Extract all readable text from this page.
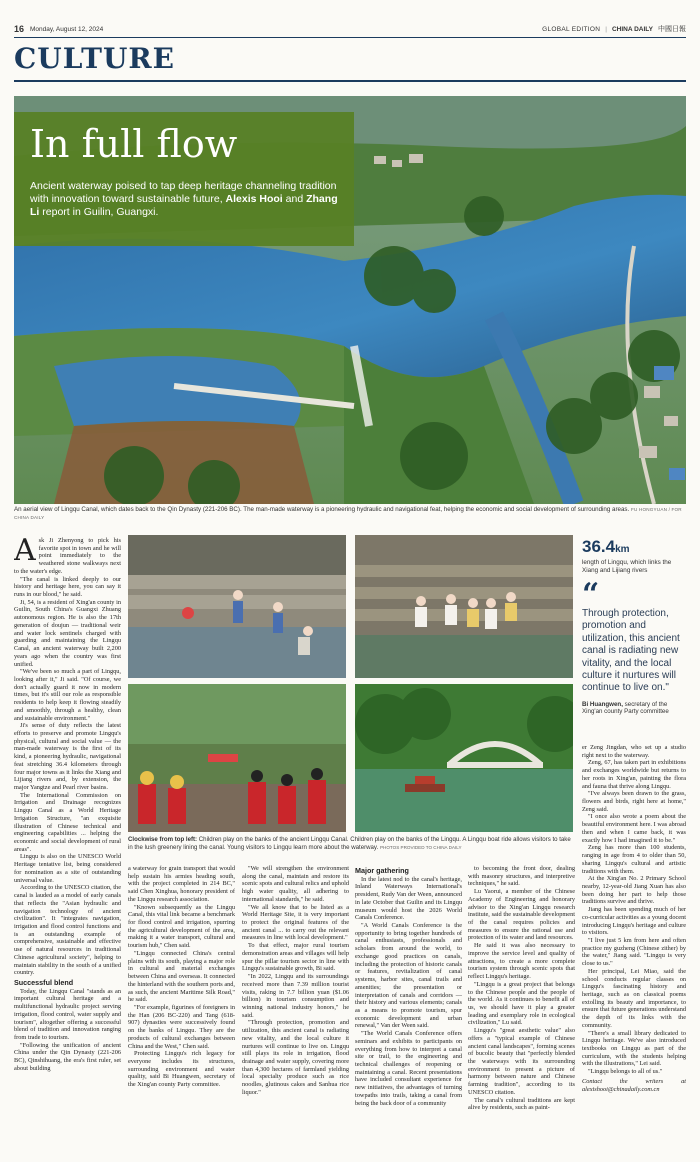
16 Monday, August 12, 2024	GLOBAL EDITION | CHINA DAILY 中國日報
CULTURE
In full flow
Ancient waterway poised to tap deep heritage channeling tradition with innovation toward sustainable future, Alexis Hooi and Zhang Li report in Guilin, Guangxi.
An aerial view of Lingqu Canal, which dates back to the Qin Dynasty (221-206 BC). The man-made waterway is a pioneering hydraulic and navigational feat, helping the economic and social development of surrounding areas. FU HONGYUAN / FOR CHINA DAILY
A sk Ji Zhenyong to pick his favorite spot in town and he will point immediately to the weathered stone walkways next to the water's edge.

"The canal is linked deeply to our history and heritage here, you can say it runs in our blood," he said.

Ji, 54, is a resident of Xing'an county in Guilin, South China's Guangxi Zhuang autonomous region. He is also the 17th generation of doujun — traditional weir and water lock sentinels charged with guarding and maintaining the Lingqu Canal, an ancient waterway built 2,200 years ago when the country was first unified.

"We've been so much a part of Lingqu, looking after it," Ji said. "Of course, we don't actually guard it now in modern times, but it's still our role as responsible residents to help keep it flowing steadily and smoothly, through a healthy, clean and sustainable environment."

Ji's sense of duty reflects the latest efforts to preserve and promote Lingqu's physical, cultural and social value — the man-made waterway is the first of its kind, a pioneering hydraulic, navigational feat stretching 36.4 kilometers through four major towns as it links the Xiang and Lijiang rivers and, by extension, the major Yangtze and Pearl river basins.

The International Commission on Irrigation and Drainage recognizes Lingqu Canal as a World Heritage Irrigation Structure, "an exquisite illustration of Chinese technical and engineering capabilities ... helping the economic and social development of rural areas".

Lingqu is also on the UNESCO World Heritage tentative list, being considered for nomination as a site of outstanding universal value.

According to the UNESCO citation, the canal is lauded as a model of early canals that reflects the "Asian hydraulic and navigation technology of ancient civilization". It "integrates navigation, irrigation and flood control functions and is an outstanding example of comprehensive, sustainable and effective use of natural resources in traditional Chinese agricultural society", helping to maintain stability in the south of a unified country.

Successful blend

Today, the Lingqu Canal "stands as an important cultural heritage and a multifunctional hydraulic project serving irrigation, flood control, water supply and tourism", altogether offering a successful blend of tradition and innovation ranging from trade to tourism.

"Following the unification of ancient China under the Qin Dynasty (221-206 BC), Qinshihuang, the era's first ruler, set about building

Clockwise from top left: Children play on the banks of the ancient Lingqu Canal. Children play on the banks of the Lingqu. A Lingqu boat ride allows visitors to take in the lush greenery lining the canal. Young visitors to Lingqu learn more about the waterway. PHOTOS PROVIDED TO CHINA DAILY

a waterway for grain transport that would help sustain his armies heading south, with the project completed in 214 BC," said Chen Xinghua, honorary president of the Lingqu research association.

"Known subsequently as the Lingqu Canal, this vital link became a benchmark for flood control and irrigation, spurring the agricultural development of the area, making it a water transport, cultural and tourism hub," Chen said.

"Lingqu connected China's central plains with its south, playing a major role in cultural and material exchanges between China and overseas. It connected the hinterland with the southern ports and, as such, the ancient Maritime Silk Road," he said.

"For example, figurines of foreigners in the Han (206 BC-220) and Tang (618-907) dynasties were successively found on the banks of Lingqu. They are the products of cultural exchanges between China and the West," Chen said.

Protecting Lingqu's rich legacy for everyone includes its structures, surrounding environment and water quality, said Bi Huangwen, secretary of the Xing'an county Party committee.

"We will strengthen the environment along the canal, maintain and restore its scenic spots and cultural relics and uphold high water quality, all adhering to international standards," he said.

"We all know that to be listed as a World Heritage Site, it is very important to protect the original features of the ancient canal ... to carry out the relevant measures in line with local development."

To that effect, major rural tourism demonstration areas and villages will help spur the pillar tourism sector in line with Lingqu's sustainable growth, Bi said.

"In 2022, Lingqu and its surroundings received more than 7.39 million tourist visits, raking in 7.7 billion yuan ($1.06 billion) in tourism consumption and winning national industry honors," he said.

"Through protection, promotion and utilization, this ancient canal is radiating new vitality, and the local culture it nurtures will continue to live on. Lingqu still plays its role in irrigation, flood drainage and water supply, covering more than 4,300 hectares of farmland yielding local specialty produce such as rice noodles, glutinous cakes and Sanhua rice liquor."

Major gathering

In the latest nod to the canal's heritage, Inland Waterways International's president, Rudy Van der Ween, announced in late October that Guilin and its Lingqu museum would host the 2026 World Canals Conference.

"A World Canals Conference is the opportunity to bring together hundreds of canal enthusiasts, professionals and scholars from around the world, to exchange good practices on canals, including the protection of historic canals or features, revitalization of canal systems, harbor sites, canal trails and amenities; the presentation or interpretation of canals and corridors — their history and various elements; canals as a means to promote tourism, spur economic development and urban renewal," Van der Ween said.

"The World Canals Conference offers seminars and exhibits to participants on everything from how to interpret a canal site or trail, to the engineering and technical challenges of reopening or maintaining a canal. Recent presentations have included consultant experience for new initiatives, the advantages of turning towpaths into trails, taking a canal from being the back door of a community

to becoming the front door, dealing with masonry structures, and interpretive techniques," he said.

Lu Yaorui, a member of the Chinese Academy of Engineering and honorary advisor to the Xing'an Lingqu research institute, said the sustainable development of the canal requires policies and measures to ensure the rational use and protection of its water and land resources.

He said it was also necessary to improve the service level and quality of attractions, to create a more complete tourism system through scenic spots that reflect Lingqu's heritage.

"Lingqu is a great project that belongs to the Chinese people and the people of the world. As it continues to benefit all of us, we should have it play a greater leading and exemplary role in ecological civilization," Lu said.

Lingqu's "great aesthetic value" also offers a "typical example of Chinese ancient canal landscapes", forming scenes of bucolic beauty that "perfectly blended the waterways with its surrounding environment to present a picture of harmony between nature and Chinese farming tradition", according to its UNESCO citation.

The canal's cultural traditions are kept alive by residents, such as paint-

36.4km
length of Lingqu, which links the Xiang and Lijiang rivers
“
Through protection, promotion and utilization, this ancient canal is radiating new vitality, and the local culture it nurtures will continue to live on."
Bi Huangwen, secretary of the Xing'an county Party committee

er Zeng Jingdan, who set up a studio right next to the waterway.

Zeng, 67, has taken part in exhibitions and exchanges worldwide but returns to her roots in Xing'an, painting the flora and fauna that thrive along Lingqu.

"I've always been drawn to the grass, flowers and birds, right here at home," Zeng said.

"I once also wrote a poem about the beautiful environment here. I was abroad then and when I came back, it was exactly how I had imagined it to be."

Zeng has more than 100 students, ranging in age from 4 to older than 50, sharing Lingqu's cultural and artistic traditions with them.

At the Xing'an No. 2 Primary School nearby, 12-year-old Jiang Xuan has also been doing her part to help those traditions survive and thrive.

Jiang has been spending much of her co-curricular activities as a young docent introducing Lingqu's heritage and culture to visitors.

"I live just 5 km from here and often practice my guzheng (Chinese zither) by the water," Jiang said. "Lingqu is very close to us."

Her principal, Lei Miao, said the school conducts regular classes on Lingqu's fascinating history and heritage, such as on classical poems extolling its beauty and importance, to ensure that future generations understand the depth of its links with the community.

"There's a small library dedicated to Lingqu heritage. We've also introduced textbooks on Lingqu as part of the curriculum, with the students helping with the illustrations," Lei said.

"Lingqu belongs to all of us."

Contact the writers at alexishooi@chinadaily.com.cn
